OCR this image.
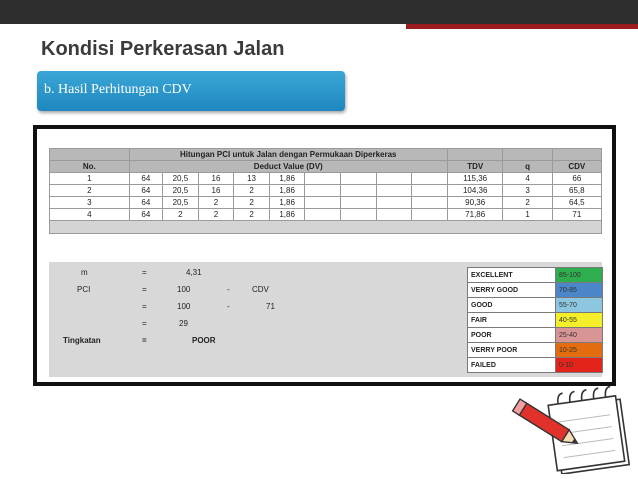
Kondisi Perkerasan Jalan
b. Hasil Perhitungan CDV
	Hitungan PCI untuk Jalan dengan Permukaan Diperkeras											
No.	Deduct Value (DV)									TDV	q	CDV
1	64	20,5	16	13	1,86					115,36	4	66
2	64	20,5	16	2	1,86					104,36	3	65,8
3	64	20,5	2	2	1,86					90,36	2	64,5
4	64	2	2	2	1,86					71,86	1	71

m	=	4,31
PCI	=	100	-	CDV
=	100	-	71
=	29
Tingkatan	=	POOR
EXCELLENT	85-100
VERRY GOOD	70-85
GOOD	55-70
FAIR	40-55
POOR	25-40
VERRY POOR	10-25
FAILED	0-10
